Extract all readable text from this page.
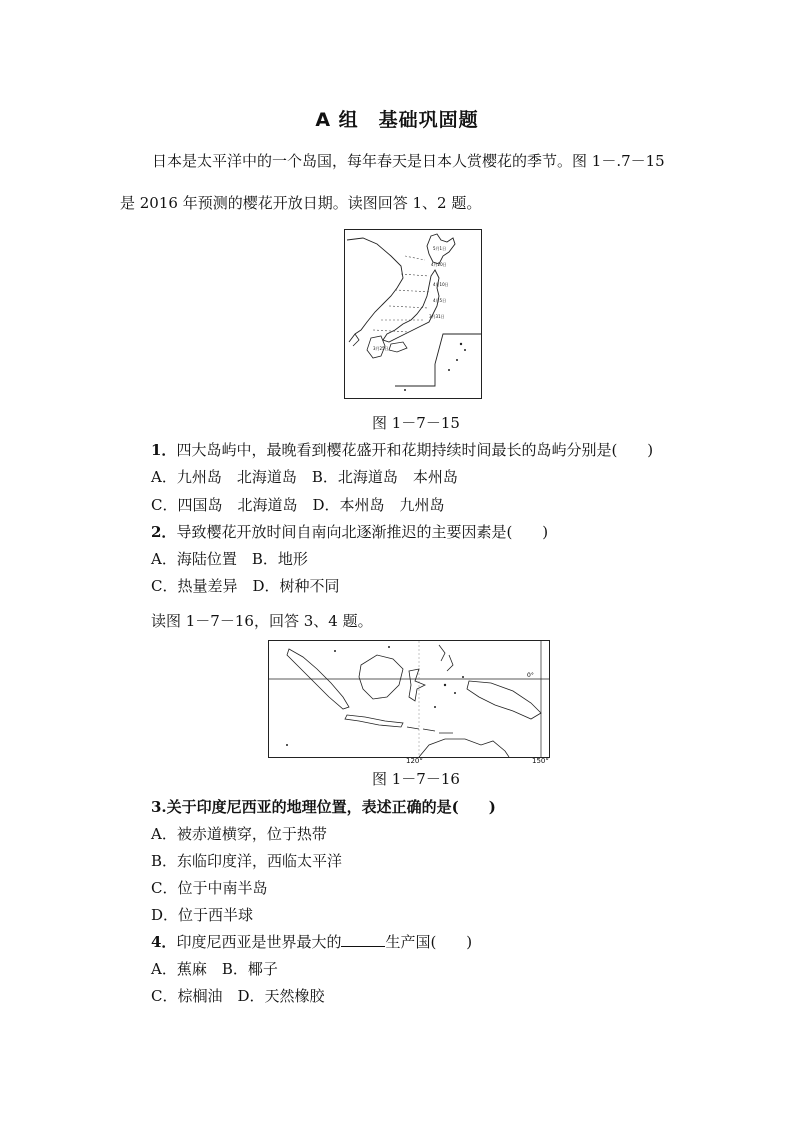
A 组　基础巩固题
日本是太平洋中的一个岛国，每年春天是日本人赏樱花的季节。图 1－.7－15
是 2016 年预测的樱花开放日期。读图回答 1、2 题。
5月1日
4月20日
4月10日
4月5日
3月31日
3月25日
图 1－7－15
1．四大岛屿中，最晚看到樱花盛开和花期持续时间最长的岛屿分别是(　　)
A．九州岛　北海道岛　B．北海道岛　本州岛
C．四国岛　北海道岛　D．本州岛　九州岛
2．导致樱花开放时间自南向北逐渐推迟的主要因素是(　　)
A．海陆位置　B．地形
C．热量差异　D．树种不同
读图 1－7－16，回答 3、4 题。
0°
120°	150°
图 1－7－16
3.关于印度尼西亚的地理位置，表述正确的是(　　)
A．被赤道横穿，位于热带
B．东临印度洋，西临太平洋
C．位于中南半岛
D．位于西半球
4．印度尼西亚是世界最大的	生产国(　　)
A．蕉麻　B．椰子
C．棕榈油　D．天然橡胶
